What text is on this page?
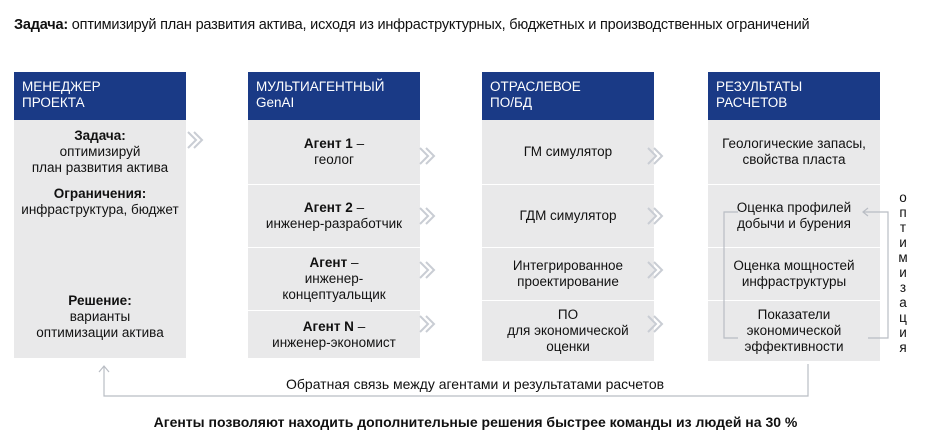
Задача: оптимизируй план развития актива, исходя из инфраструктурных, бюджетных и производственных ограничений
МЕНЕДЖЕР
ПРОЕКТА
Задача:
оптимизируй
план развития актива
Ограничения:
инфраструктура, бюджет
Решение:
варианты
оптимизации актива
МУЛЬТИАГЕНТНЫЙ
GenAI
Агент 1 –
геолог
Агент 2 –
инженер-разработчик
Агент –
инженер-
концептуальщик
Агент N –
инженер-экономист
ОТРАСЛЕВОЕ
ПО/БД
ГМ симулятор
ГДМ симулятор
Интегрированное
проектирование
ПО
для экономической
оценки
РЕЗУЛЬТАТЫ
РАСЧЕТОВ
Геологические запасы,
свойства пласта
Оценка профилей
добычи и бурения
Оценка мощностей
инфраструктуры
Показатели
экономической
эффективности
о
п
т
и
м
и
з
а
ц
и
я
Обратная связь между агентами и результатами расчетов
Агенты позволяют находить дополнительные решения быстрее команды из людей на 30 %
